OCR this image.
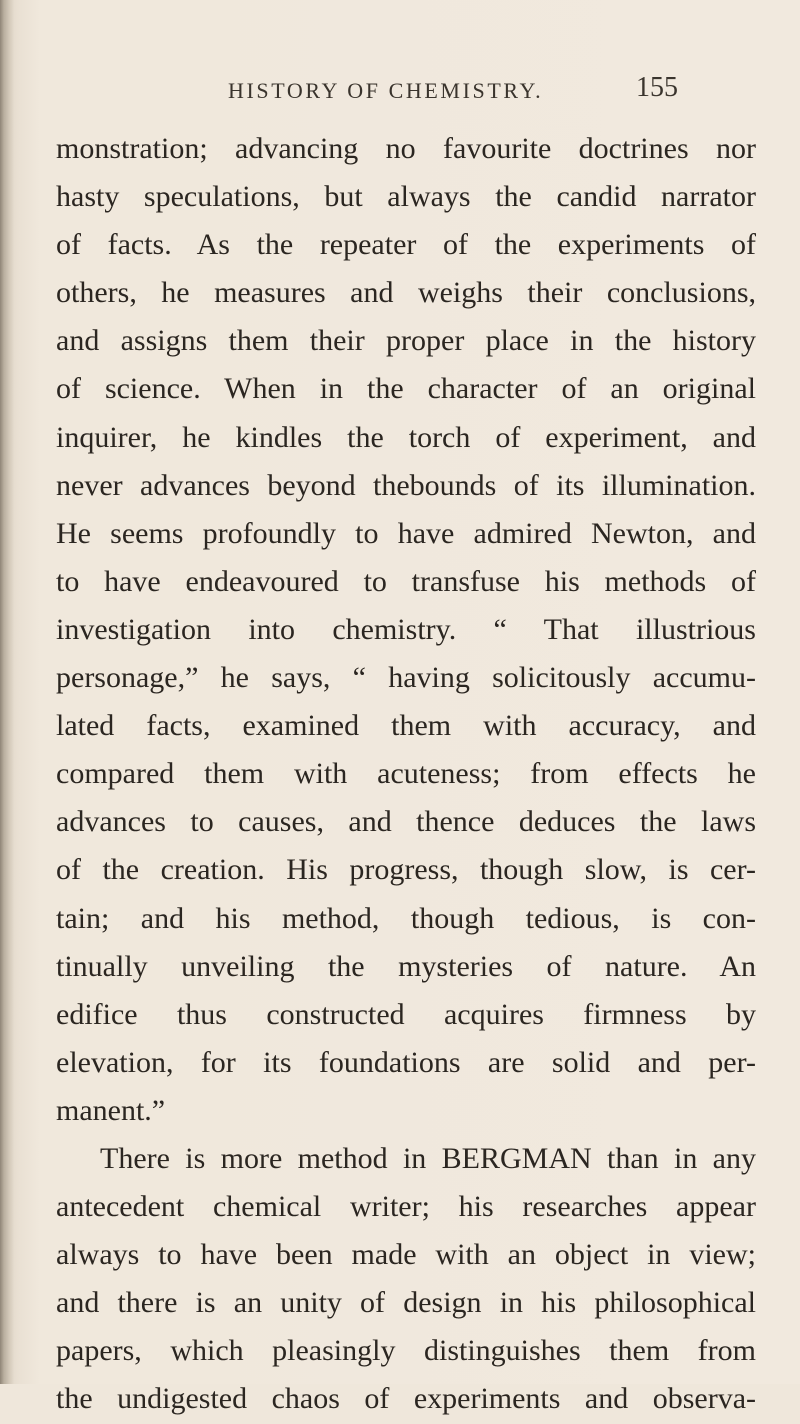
HISTORY OF CHEMISTRY.	155
monstration; advancing no favourite doctrines nor
hasty speculations, but always the candid narrator
of facts. As the repeater of the experiments of
others, he measures and weighs their conclusions,
and assigns them their proper place in the history
of science. When in the character of an original
inquirer, he kindles the torch of experiment, and
never advances beyond thebounds of its illumination.
He seems profoundly to have admired Newton, and
to have endeavoured to transfuse his methods of
investigation into chemistry. “ That illustrious
personage,” he says, “ having solicitously accumu-
lated facts, examined them with accuracy, and
compared them with acuteness; from effects he
advances to causes, and thence deduces the laws
of the creation. His progress, though slow, is cer-
tain; and his method, though tedious, is con-
tinually unveiling the mysteries of nature. An
edifice thus constructed acquires firmness by
elevation, for its foundations are solid and per-
manent.”
There is more method in BERGMAN than in any
antecedent chemical writer; his researches appear
always to have been made with an object in view;
and there is an unity of design in his philosophical
papers, which pleasingly distinguishes them from
the undigested chaos of experiments and observa-
